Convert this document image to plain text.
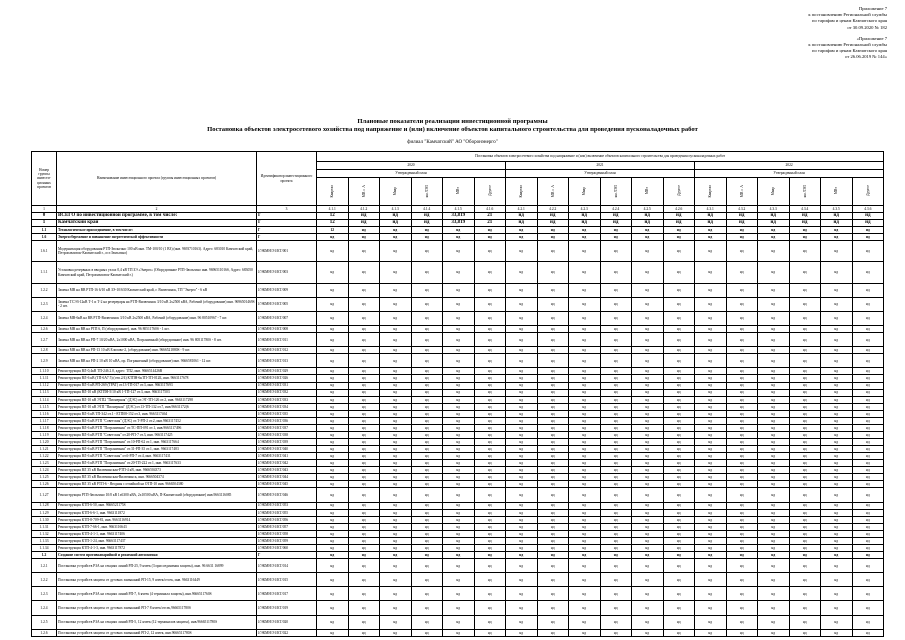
Приложение 7

к постановлению Региональной службы

по тарифам и ценам Камчатского края

от 30.09.2020 № 182

«Приложение 7

к постановлению Региональной службы

по тарифам и ценам Камчатского края

от 26.06.2019 № 144»

Плановые показатели реализации инвестиционной программы
Постановка объектов электросетевого хозяйства под напряжение и (или) включение объектов капитального строительства для проведения пусконаладочных работ
филиал "Камчатский" АО "Оборонэнерго"
Номер группы инвести-ционных проектов	Наименование инвестиционного проекта (группы инвестиционных проектов)	Идентификатор инвестиционного проекта	Постановка объектов электросетевого хозяйства под напряжение и (или) включение объектов капитального строительства для проведения пусконаладочных работ																	
			2020						2021						2022					
			Утвержденный план						Утвержденный план						Утвержденный план					
			Квартал	МВ×А	Мвар	км ЛЭП	МВт	Другое	Квартал	МВ×А	Мвар	км ЛЭП	МВт	Другое	Квартал	МВ×А	Мвар	км ЛЭП	МВт	Другое
1	2	3	4.1.1	4.1.2	4.1.3	4.1.4	4.1.5	4.1.6	4.2.1	4.2.2	4.2.3	4.2.4	4.2.5	4.2.6	4.3.1	4.3.2	4.3.3	4.3.4	4.3.5	4.3.6
0	ВСЕГО по инвестиционной программе, в том числе:	Г	12	нд	нд	нд	33,819	21	нд	нд	нд	нд	нд	нд	нд	нд	нд	нд	нд	нд
1	Камчатский край	Г	12	нд	нд	нд	33,819	21	нд	нд	нд	нд	нд	нд	нд	нд	нд	нд	нд	нд
1.1	Технологическое присоединение, в том числе:	Г	12	нд	нд	нд	нд	нд	нд	нд	нд	нд	нд	нд	нд	нд	нд	нд	нд	нд
1.6	Энергосбережение и повышение энергетической эффективности	Г	нд	нд	нд	нд	нд	нд	нд	нд	нд	нд	нд	нд	нд	нд	нд	нд	нд	нд
1.6.1	Модернизация оборудования РТП-Зюльгино 100 кВ инв. ТМ-100/10 (1 ВЗ) (инв. 9693710163). Адрес: 683010 Камчатский край, Петропавловск-Камчатский г., ост.Зюльгино)	J/ЭКМН/Э1/КТ/001	нд	нд	нд	нд	нд	нд	нд	нд	нд	нд	нд	нд	нд	нд	нд	нд	нд	нд
1.1.1	Установка резервных в вводных узлах 0,4 кВ ТП ЗЭ «Энерго» (Оборудование РТП-Зюльгино инв. 9696511016S, Адрес: 683050 Камчатский край, Петропавловск-Камчатский г.)	J/ЭКМН/Э1/КТ/003	нд	нд	нд	нд	нд	нд	нд	нд	нд	нд	нд	нд	нд	нд	нд	нд	нд	нд
1.2.2	Замена МВ на ВВ РТП-16 6/10 кВ ЗЭ-10/630 Камчатский край, г. Вилючинск, ТП "Энерго" - 6 кВ	J/ЭКМН/Э1/КТ/009	нд	нд	нд	нд	нд	нд	нд	нд	нд	нд	нд	нд	нд	нд	нд	нд	нд	нд
1.2.3	Замена ТСЭЗ-12кВ Т-1 и Т-2 на резервуары на РТП-Вилючинск 3/10 кВ 2х2500 кВА, Рабочий (оборудование) инв. 9696501469S - 2 шт.	J/ЭКМН/Э1/КТ/005	нд	нд	нд	нд	нд	нд	нд	нд	нд	нд	нд	нд	нд	нд	нд	нд	нд	нд
1.2.4	Замена МВ-6кВ на ВВ РТП-Вилючинск 3/10 кВ 2х2500 кВА, Рабочий (оборудование) инв. 96 80510967 - 7 шт.	J/ЭКМН/Э1/КТ/007	нд	нд	нд	нд	нд	нд	нд	нд	нд	нд	нд	нд	нд	нд	нд	нд	нд	нд
1.2.6	Замена МВ на ВВ на РТП 6, П (оборудование), инв. 96 80511760S - 1 шт.	J/ЭКМН/Э1/КТ/008	нд	нд	нд	нд	нд	нд	нд	нд	нд	нд	нд	нд	нд	нд	нд	нд	нд	нд
1.2.7	Замена МВ на ВВ на РП-7 10/20 кВА, 2х1000 кВА, Пограничный (оборудование) инв. 96 80511780S - 8 шт.	J/ЭКМН/Э1/КТ/011	нд	нд	нд	нд	нд	нд	нд	нд	нд	нд	нд	нд	нд	нд	нд	нд	нд	нд
1.2.8	Замена МВ на ВВ на РП-13 10 кВ Елизово-2, (оборудование) инв. 9666521880S - 9 шт.	J/ЭКМН/Э1/КТ/012	нд	нд	нд	нд	нд	нд	нд	нд	нд	нд	нд	нд	нд	нд	нд	нд	нд	нд
1.2.9	Замена МВ на ВВ на РП-2 10 кВ 10 кВА, пр. Пограничный (оборудование) инв. 9666581061 - 12 шт.	J/ЭКМН/Э1/КТ/013	нд	нд	нд	нд	нд	нд	нд	нд	нд	нд	нд	нд	нд	нд	нд	нд	нд	нд
1.1.10	Реконструкция ВЛ-0,4кВ ТП-246 2.0, адрес: ТП2, инв. 9666514426В	J/ЭКМН/Э1/КТ/029	нд	нд	нд	нд	нд	нд	нд	нд	нд	нд	нд	нд	нд	нд	нд	нд	нд	нд
1.1.11	Реконструкция ВЛ-6 кВ (ТП-6А7 5) (отп.2/4) КТПН-6кТП-ТП-012Б, инв. 9663117678	J/ЭКМН/Э1/КТ/026	нд	нд	нд	нд	нд	нд	нд	нд	нд	нд	нд	нд	нд	нд	нд	нд	нд	нд
1.1.12	Реконструкция ВЛ-6 кВ РП-269 (ТРАТ) от.13-ТП-017 от.3, инв. 9663117693	J/ЭКМН/Э1/КТ/031	нд	нд	нд	нд	нд	нд	нд	нд	нд	нд	нд	нд	нд	нд	нд	нд	нд	нд
1.1.13	Реконструкция ВЛ-10 кВ (КТПН-5/10 кВ 1-ТП-127 от.3, инв. 9663117503	J/ЭКМН/Э1/КТ/032	нд	нд	нд	нд	нд	нд	нд	нд	нд	нд	нд	нд	нд	нд	нд	нд	нд	нд
1.1.14	Реконструкция ВЛ-10 кВ ЭТП2 "Пионерная" (ДЭС) от.ЭТ-ТП-126 от.2, инв. 9663117298	J/ЭКМН/Э1/КТ/033	нд	нд	нд	нд	нд	нд	нд	нд	нд	нд	нд	нд	нд	нд	нд	нд	нд	нд
1.1.15	Реконструкция ВЛ-10 кВ ЭТП "Пионерная" (ДЭС) от.13-ТП-132 от.7, инв.96631172(6	J/ЭКМН/Э1/КТ/034	нд	нд	нд	нд	нд	нд	нд	нд	нд	нд	нд	нд	нд	нд	нд	нд	нд	нд
1.1.16	Реконструкция ВЛ-6 кВ ТП-342 от.1 - ЕТП08-152 от.3, инв. 9663117464	J/ЭКМН/Э1/КТ/035	нд	нд	нд	нд	нд	нд	нд	нд	нд	нд	нд	нд	нд	нд	нд	нд	нд	нд
1.1.17	Реконструкция ВЛ-6 кВ РТП "Советская" (ДЭС) от.Т-РП-2 от.2, инв.9663117452	J/ЭКМН/Э1/КТ/036	нд	нд	нд	нд	нд	нд	нд	нд	нд	нд	нд	нд	нд	нд	нд	нд	нд	нд
1.1.18	Реконструкция ВЛ-6 кВ РТП "Пограничная" от.ТС-ПП-091 от.1, инв.9663117496	J/ЭКМН/Э1/КТ/037	нд	нд	нд	нд	нд	нд	нд	нд	нд	нд	нд	нд	нд	нд	нд	нд	нд	нд
1.1.19	Реконструкция ВЛ-6 кВ РТП "Советская" от.20-РП-7 от.3, инв. 9663117425	J/ЭКМН/Э1/КТ/038	нд	нд	нд	нд	нд	нд	нд	нд	нд	нд	нд	нд	нд	нд	нд	нд	нд	нд
1.1.20	Реконструкция ВЛ-6 кВ РТП "Пограничная" от.10-РП-62 от.1, инв. 9663117664	J/ЭКМН/Э1/КТ/039	нд	нд	нд	нд	нд	нд	нд	нд	нд	нд	нд	нд	нд	нд	нд	нд	нд	нд
1.1.21	Реконструкция ВЛ-6 кВ РТП "Пограничная" от.31-РП-35 от.1, инв. 9663117483	J/ЭКМН/Э1/КТ/040	нд	нд	нд	нд	нд	нд	нд	нд	нд	нд	нд	нд	нд	нд	нд	нд	нд	нд
1.1.22	Реконструкция ВЛ-6 кВ РТП "Советская" от.6-РП-7 от.4, инв. 9663117431	J/ЭКМН/Э1/КТ/041	нд	нд	нд	нд	нд	нд	нд	нд	нд	нд	нд	нд	нд	нд	нд	нд	нд	нд
1.1.23	Реконструкция ВЛ-6 кВ РТП "Пограничная" от.20-ТП-222 от.1, инв. 9663117633	J/ЭКМН/Э1/КТ/042	нд	нд	нд	нд	нд	нд	нд	нд	нд	нд	нд	нд	нд	нд	нд	нд	нд	нд
1.1.24	Реконструкция ВЛ 35 кВ Вилючинская-РТП-4 кВ, инв. 9666504373	J/ЭКМН/Э1/КТ/043	нд	нд	нд	нд	нд	нд	нд	нд	нд	нд	нд	нд	нд	нд	нд	нд	нд	нд
1.1.25	Реконструкция ВЛ 35 кВ Вилючинская-Вилючинск, инв. 9666504374	J/ЭКМН/Э1/КТ/044	нд	нд	нд	нд	нд	нд	нд	нд	нд	нд	нд	нд	нд	нд	нд	нд	нд	нд
1.1.26	Реконструкция ВЛ 35 кВ РТП-6 - Ягодная с отпайкой на ОТП-10 инв. 9666504380	J/ЭКМН/Э1/КТ/045	нд	нд	нд	нд	нд	нд	нд	нд	нд	нд	нд	нд	нд	нд	нд	нд	нд	нд
1.1.27	Реконструкция РТП-Зюльгино 10/0 кВ 1х6300 кВА, 2х10500 кВА, П-Камчатский (оборудование) инв.9663116085	J/ЭКМН/Э1/КТ/046	нд	нд	нд	нд	нд	нд	нд	нд	нд	нд	нд	нд	нд	нд	нд	нд	нд	нд
1.1.28	Реконструкция КТП-6-50, инв. 9666521175S	J/ЭКМН/Э1/КТ/053	нд	нд	нд	нд	нд	нд	нд	нд	нд	нд	нд	нд	нд	нд	нд	нд	нд	нд
1.1.29	Реконструкция КТП-6-6-1, инв. 9663111872	J/ЭКМН/Э1/КТ/055	нд	нд	нд	нд	нд	нд	нд	нд	нд	нд	нд	нд	нд	нд	нд	нд	нд	нд
1.1.30	Реконструкция КТП-8-709-81, инв. 9663116914	J/ЭКМН/Э1/КТ/056	нд	нд	нд	нд	нд	нд	нд	нд	нд	нд	нд	нд	нд	нд	нд	нд	нд	нд
1.1.31	Реконструкция КТП-7-66-1, инв. 9663116643	J/ЭКМН/Э1/КТ/057	нд	нд	нд	нд	нд	нд	нд	нд	нд	нд	нд	нд	нд	нд	нд	нд	нд	нд
1.1.32	Реконструкция КТП-4-1-1, инв. 9663117406	J/ЭКМН/Э1/КТ/058	нд	нд	нд	нд	нд	нд	нд	нд	нд	нд	нд	нд	нд	нд	нд	нд	нд	нд
1.1.33	Реконструкция КТП-1-24, инв. 96663117437	J/ЭКМН/Э1/КТ/059	нд	нд	нд	нд	нд	нд	нд	нд	нд	нд	нд	нд	нд	нд	нд	нд	нд	нд
1.1.34	Реконструкция КТП-4-1-3, инв. 9663117872	J/ЭКМН/Э1/КТ/060	нд	нд	нд	нд	нд	нд	нд	нд	нд	нд	нд	нд	нд	нд	нд	нд	нд	нд
1.2	Создание систем противоаварийной и режимной автоматики	Г	нд	нд	нд	нд	нд	нд	нд	нд	нд	нд	нд	нд	нд	нд	нд	нд	нд	нд
1.2.1	Постановка устройств РЗА на секциях линий РП-25, 9 ячеек (3 присоединения защиты), инв. 96 6631 16899	J/ЭКМН/Э1/КТ/014	нд	нд	нд	нд	нд	нд	нд	нд	нд	нд	нд	нд	нд	нд	нд	нд	нд	нд
1.2.2	Постановка устройств защиты от дуговых замыканий РП-15, 9 ячеек/отсек, инв. 9663116449	J/ЭКМН/Э1/КТ/015	нд	нд	нд	нд	нд	нд	нд	нд	нд	нд	нд	нд	нд	нд	нд	нд	нд	нд
1.2.3	Постановка устройств РЗА на секциях линий РП-7, 6 ячеек (4 терминала защиты), инв.9666511760S	J/ЭКМН/Э1/КТ/017	нд	нд	нд	нд	нд	нд	нд	нд	нд	нд	нд	нд	нд	нд	нд	нд	нд	нд
1.2.4	Постановка устройств защиты от дуговых замыканий РП-7 8 ячеек/отсек,9666511780S	J/ЭКМН/Э1/КТ/019	нд	нд	нд	нд	нд	нд	нд	нд	нд	нд	нд	нд	нд	нд	нд	нд	нд	нд
1.2.5	Постановка устройств РЗА на секциях линий РП-5, 12 ячеек (12 терминалов защиты), инв.9666511780S	J/ЭКМН/Э1/КТ/020	нд	нд	нд	нд	нд	нд	нд	нд	нд	нд	нд	нд	нд	нд	нд	нд	нд	нд
1.2.6	Постановка устройств защиты от дуговых замыканий РП-2, 12 ячеек, инв.9666511780S	J/ЭКМН/Э1/КТ/022	нд	нд	нд	нд	нд	нд	нд	нд	нд	нд	нд	нд	нд	нд	нд	нд	нд	нд
